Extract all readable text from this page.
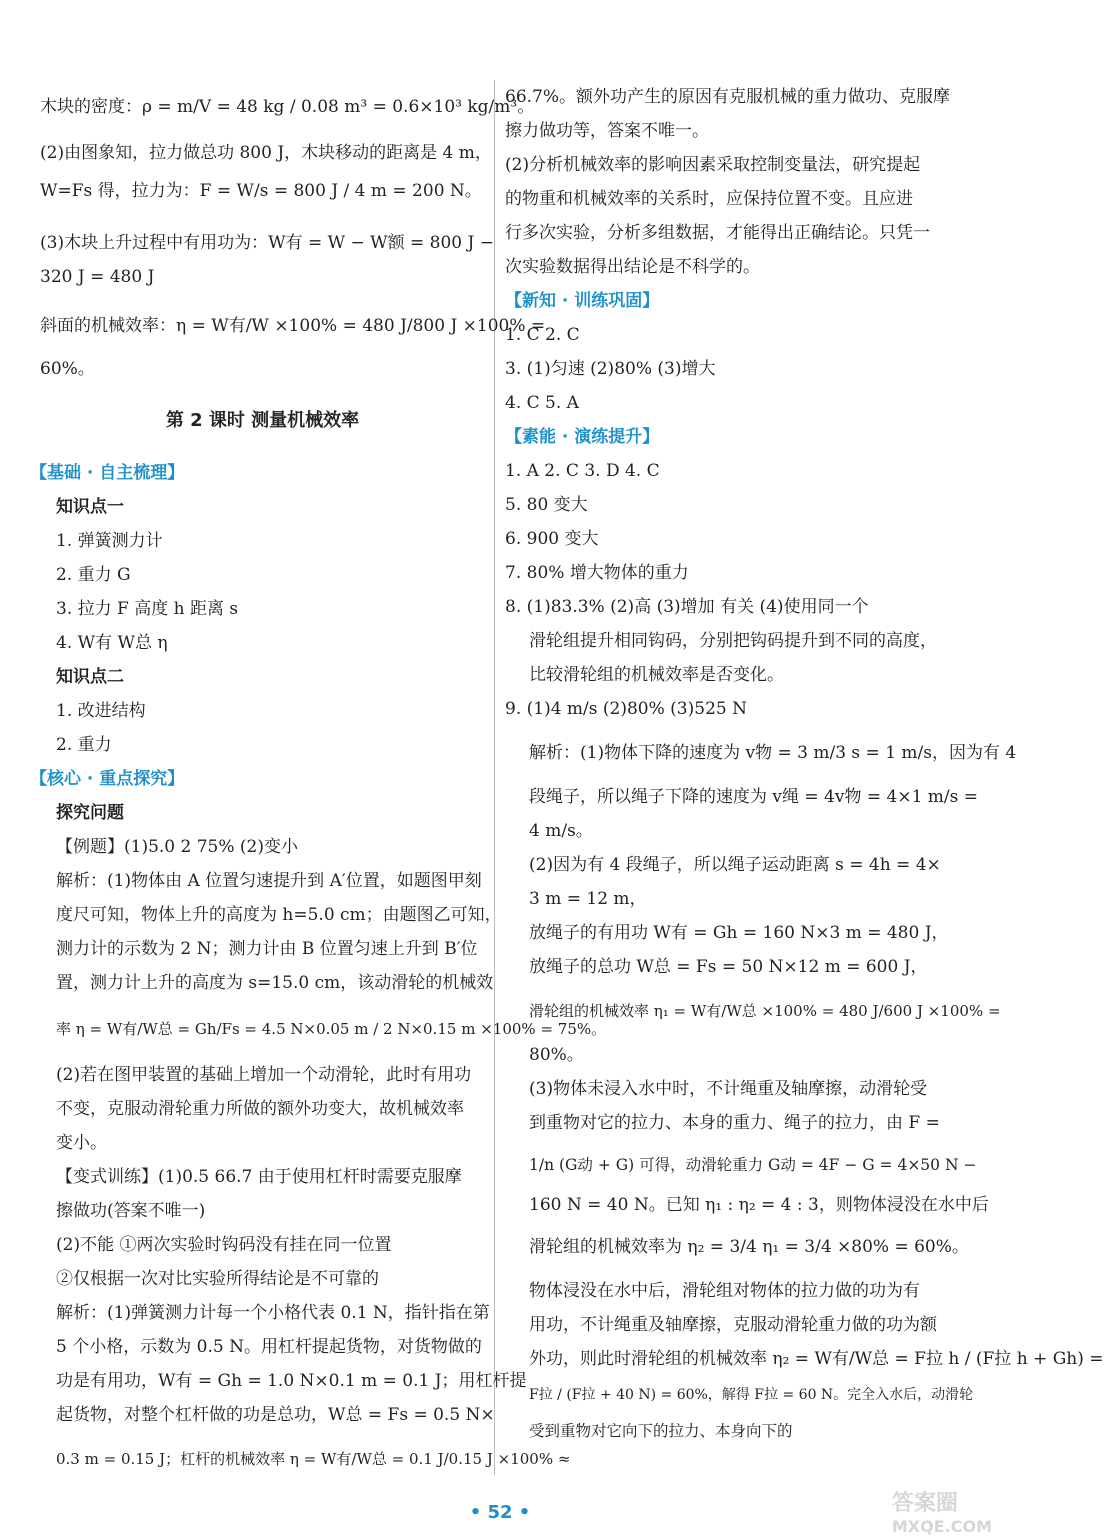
木块的密度：ρ = m/V = 48 kg / 0.08 m³ = 0.6×10³ kg/m³。
(2)由图象知，拉力做总功 800 J，木块移动的距离是 4 m，
W=Fs 得，拉力为：F = W/s = 800 J / 4 m = 200 N。
(3)木块上升过程中有用功为：W有 = W − W额 = 800 J −
320 J = 480 J
斜面的机械效率：η = W有/W ×100% = 480 J/800 J ×100% =
60%。
第 2 课时 测量机械效率
【基础 · 自主梳理】
知识点一
1. 弹簧测力计
2. 重力 G
3. 拉力 F 高度 h 距离 s
4. W有 W总 η
知识点二
1. 改进结构
2. 重力
【核心 · 重点探究】
探究问题
【例题】(1)5.0 2 75% (2)变小
解析：(1)物体由 A 位置匀速提升到 A′位置，如题图甲刻
度尺可知，物体上升的高度为 h=5.0 cm；由题图乙可知，
测力计的示数为 2 N；测力计由 B 位置匀速上升到 B′位
置，测力计上升的高度为 s=15.0 cm，该动滑轮的机械效
率 η = W有/W总 = Gh/Fs = 4.5 N×0.05 m / 2 N×0.15 m ×100% = 75%。
(2)若在图甲装置的基础上增加一个动滑轮，此时有用功
不变，克服动滑轮重力所做的额外功变大，故机械效率
变小。
【变式训练】(1)0.5 66.7 由于使用杠杆时需要克服摩
擦做功(答案不唯一)
(2)不能 ①两次实验时钩码没有挂在同一位置
②仅根据一次对比实验所得结论是不可靠的
解析：(1)弹簧测力计每一个小格代表 0.1 N，指针指在第
5 个小格，示数为 0.5 N。用杠杆提起货物，对货物做的
功是有用功，W有 = Gh = 1.0 N×0.1 m = 0.1 J；用杠杆提
起货物，对整个杠杆做的功是总功，W总 = Fs = 0.5 N×
0.3 m = 0.15 J；杠杆的机械效率 η = W有/W总 = 0.1 J/0.15 J ×100% ≈
66.7%。额外功产生的原因有克服机械的重力做功、克服摩
擦力做功等，答案不唯一。
(2)分析机械效率的影响因素采取控制变量法，研究提起
的物重和机械效率的关系时，应保持位置不变。且应进
行多次实验，分析多组数据，才能得出正确结论。只凭一
次实验数据得出结论是不科学的。
【新知 · 训练巩固】
1. C 2. C
3. (1)匀速 (2)80% (3)增大
4. C 5. A
【素能 · 演练提升】
1. A 2. C 3. D 4. C
5. 80 变大
6. 900 变大
7. 80% 增大物体的重力
8. (1)83.3% (2)高 (3)增加 有关 (4)使用同一个
滑轮组提升相同钩码，分别把钩码提升到不同的高度，
比较滑轮组的机械效率是否变化。
9. (1)4 m/s (2)80% (3)525 N
解析：(1)物体下降的速度为 v物 = 3 m/3 s = 1 m/s，因为有 4
段绳子，所以绳子下降的速度为 v绳 = 4v物 = 4×1 m/s =
4 m/s。
(2)因为有 4 段绳子，所以绳子运动距离 s = 4h = 4×
3 m = 12 m，
放绳子的有用功 W有 = Gh = 160 N×3 m = 480 J，
放绳子的总功 W总 = Fs = 50 N×12 m = 600 J，
滑轮组的机械效率 η₁ = W有/W总 ×100% = 480 J/600 J ×100% =
80%。
(3)物体未浸入水中时，不计绳重及轴摩擦，动滑轮受
到重物对它的拉力、本身的重力、绳子的拉力，由 F =
1/n (G动 + G) 可得，动滑轮重力 G动 = 4F − G = 4×50 N −
160 N = 40 N。已知 η₁ : η₂ = 4 : 3，则物体浸没在水中后
滑轮组的机械效率为 η₂ = 3/4 η₁ = 3/4 ×80% = 60%。
物体浸没在水中后，滑轮组对物体的拉力做的功为有
用功，不计绳重及轴摩擦，克服动滑轮重力做的功为额
外功，则此时滑轮组的机械效率 η₂ = W有/W总 = F拉 h / (F拉 h + Gh) =
F拉 / (F拉 + 40 N) = 60%，解得 F拉 = 60 N。完全入水后，动滑轮
受到重物对它向下的拉力、本身向下的
• 52 •	答案圈
MXQE.COM
